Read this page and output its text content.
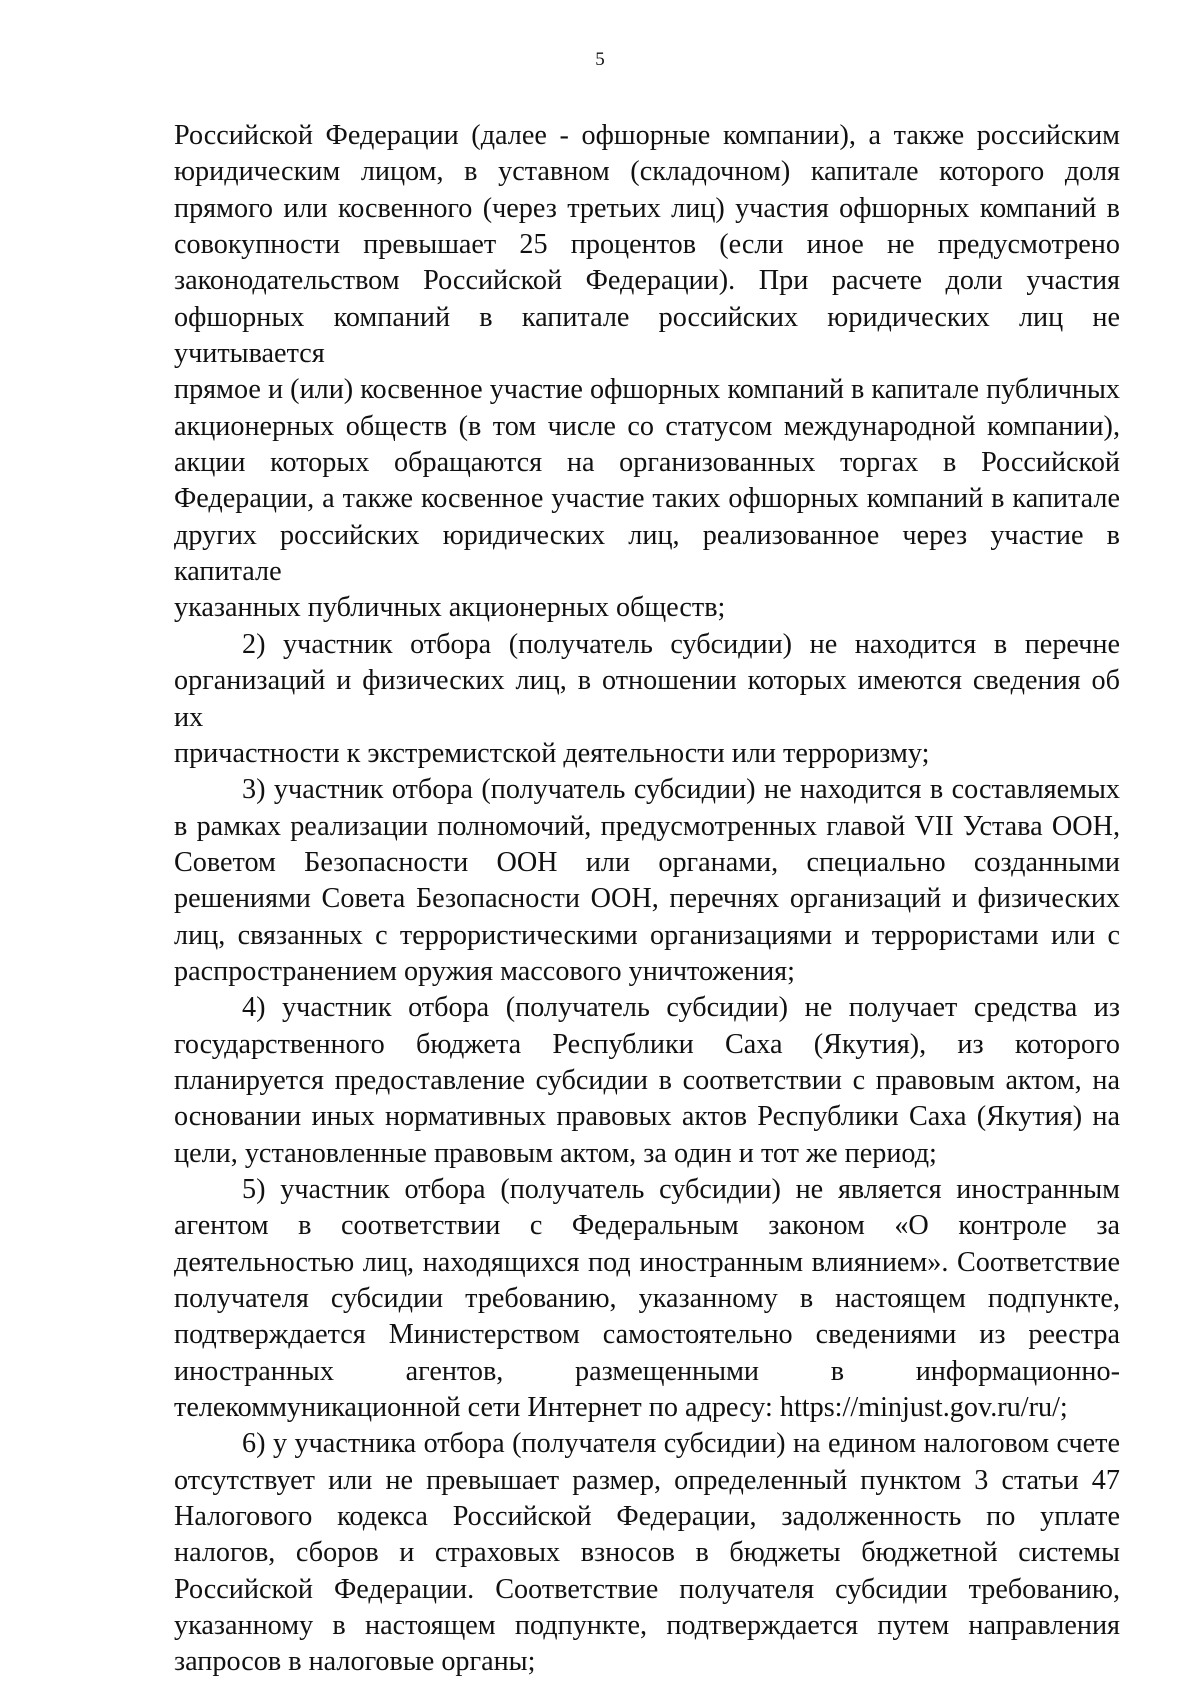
5

Российской Федерации (далее - офшорные компании), а также российским
юридическим лицом, в уставном (складочном) капитале которого доля
прямого или косвенного (через третьих лиц) участия офшорных компаний в
совокупности превышает 25 процентов (если иное не предусмотрено
законодательством Российской Федерации). При расчете доли участия
офшорных компаний в капитале российских юридических лиц не учитывается
прямое и (или) косвенное участие офшорных компаний в капитале публичных
акционерных обществ (в том числе со статусом международной компании),
акции которых обращаются на организованных торгах в Российской
Федерации, а также косвенное участие таких офшорных компаний в капитале
других российских юридических лиц, реализованное через участие в капитале
указанных публичных акционерных обществ;

2) участник отбора (получатель субсидии) не находится в перечне
организаций и физических лиц, в отношении которых имеются сведения об их
причастности к экстремистской деятельности или терроризму;

3) участник отбора (получатель субсидии) не находится в составляемых
в рамках реализации полномочий, предусмотренных главой VII Устава ООН,
Советом Безопасности ООН или органами, специально созданными
решениями Совета Безопасности ООН, перечнях организаций и физических
лиц, связанных с террористическими организациями и террористами или с
распространением оружия массового уничтожения;

4) участник отбора (получатель субсидии) не получает средства из
государственного бюджета Республики Саха (Якутия), из которого
планируется предоставление субсидии в соответствии с правовым актом, на
основании иных нормативных правовых актов Республики Саха (Якутия) на
цели, установленные правовым актом, за один и тот же период;

5) участник отбора (получатель субсидии) не является иностранным
агентом в соответствии с Федеральным законом «О контроле за
деятельностью лиц, находящихся под иностранным влиянием». Соответствие
получателя субсидии требованию, указанному в настоящем подпункте,
подтверждается Министерством самостоятельно сведениями из реестра
иностранных агентов, размещенными в информационно-
телекоммуникационной сети Интернет по адресу: https://minjust.gov.ru/ru/;

6) у участника отбора (получателя субсидии) на едином налоговом счете
отсутствует или не превышает размер, определенный пунктом 3 статьи 47
Налогового кодекса Российской Федерации, задолженность по уплате
налогов, сборов и страховых взносов в бюджеты бюджетной системы
Российской Федерации. Соответствие получателя субсидии требованию,
указанному в настоящем подпункте, подтверждается путем направления
запросов в налоговые органы;
